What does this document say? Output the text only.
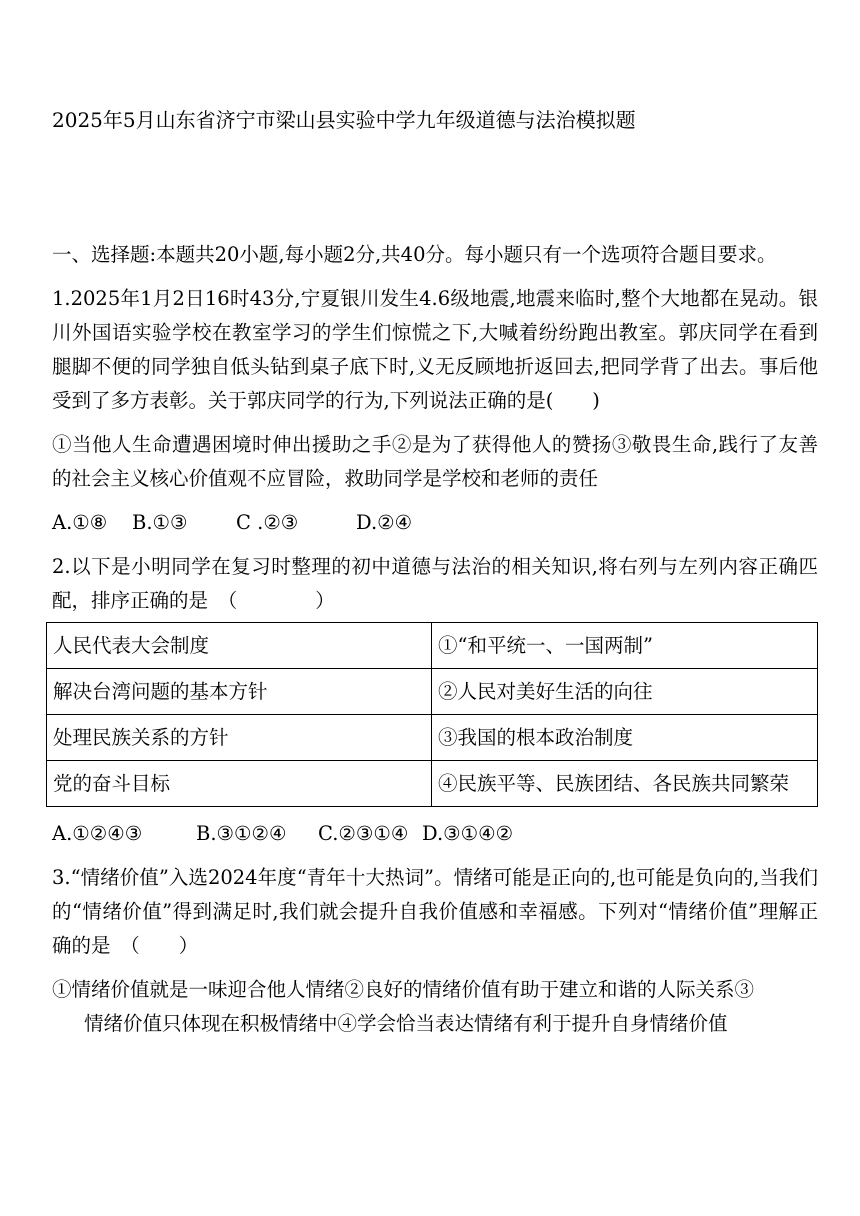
2025年5月山东省济宁市梁山县实验中学九年级道德与法治模拟题

一、选择题:本题共20小题,每小题2分,共40分。每小题只有一个选项符合题目要求。

1.2025年1月2日16时43分,宁夏银川发生4.6级地震,地震来临时,整个大地都在晃动。银川外国语实验学校在教室学习的学生们惊慌之下,大喊着纷纷跑出教室。郭庆同学在看到腿脚不便的同学独自低头钻到桌子底下时,义无反顾地折返回去,把同学背了出去。事后他受到了多方表彰。关于郭庆同学的行为,下列说法正确的是(　　)

①当他人生命遭遇困境时伸出援助之手②是为了获得他人的赞扬③敬畏生命,践行了友善的社会主义核心价值观不应冒险，救助同学是学校和老师的责任

A.①⑧ B.①③ C .②③	D.②④

2.以下是小明同学在复习时整理的初中道德与法治的相关知识,将右列与左列内容正确匹配，排序正确的是　（　　　　）

人民代表大会制度	①“和平统一、一国两制”
解决台湾问题的基本方针	②人民对美好生活的向往
处理民族关系的方针	③我国的根本政治制度
党的奋斗目标	④民族平等、民族团结、各民族共同繁荣

A.①②④③	B.③①②④ C.②③①④ D.③①④②

3.“情绪价值”入选2024年度“青年十大热词”。情绪可能是正向的,也可能是负向的,当我们的“情绪价值”得到满足时,我们就会提升自我价值感和幸福感。下列对“情绪价值”理解正确的是　（　　）

①情绪价值就是一味迎合他人情绪②良好的情绪价值有助于建立和谐的人际关系③

情绪价值只体现在积极情绪中④学会恰当表达情绪有利于提升自身情绪价值
